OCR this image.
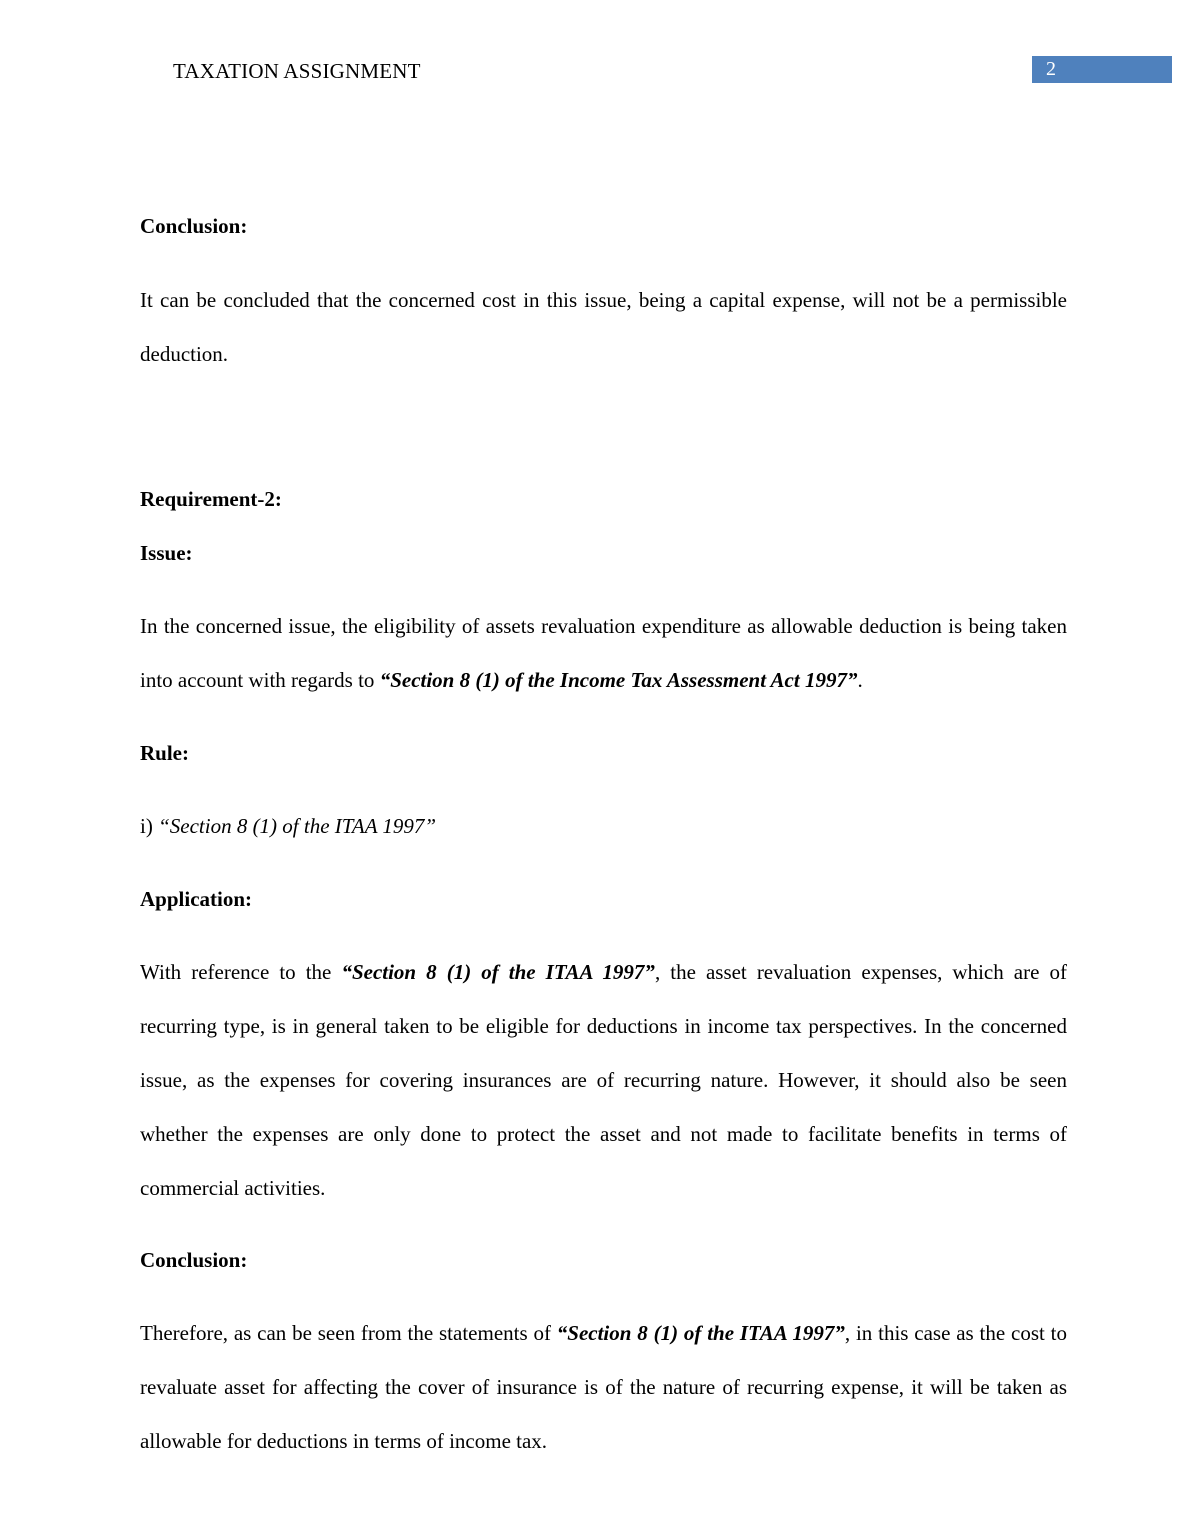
TAXATION ASSIGNMENT	2
Conclusion:
It can be concluded that the concerned cost in this issue, being a capital expense, will not be a permissible deduction.
Requirement-2:
Issue:
In the concerned issue, the eligibility of assets revaluation expenditure as allowable deduction is being taken into account with regards to “Section 8 (1) of the Income Tax Assessment Act 1997”.
Rule:
i) “Section 8 (1) of the ITAA 1997”
Application:
With reference to the “Section 8 (1) of the ITAA 1997”, the asset revaluation expenses, which are of recurring type, is in general taken to be eligible for deductions in income tax perspectives. In the concerned issue, as the expenses for covering insurances are of recurring nature. However, it should also be seen whether the expenses are only done to protect the asset and not made to facilitate benefits in terms of commercial activities.
Conclusion:
Therefore, as can be seen from the statements of “Section 8 (1) of the ITAA 1997”, in this case as the cost to revaluate asset for affecting the cover of insurance is of the nature of recurring expense, it will be taken as allowable for deductions in terms of income tax.
